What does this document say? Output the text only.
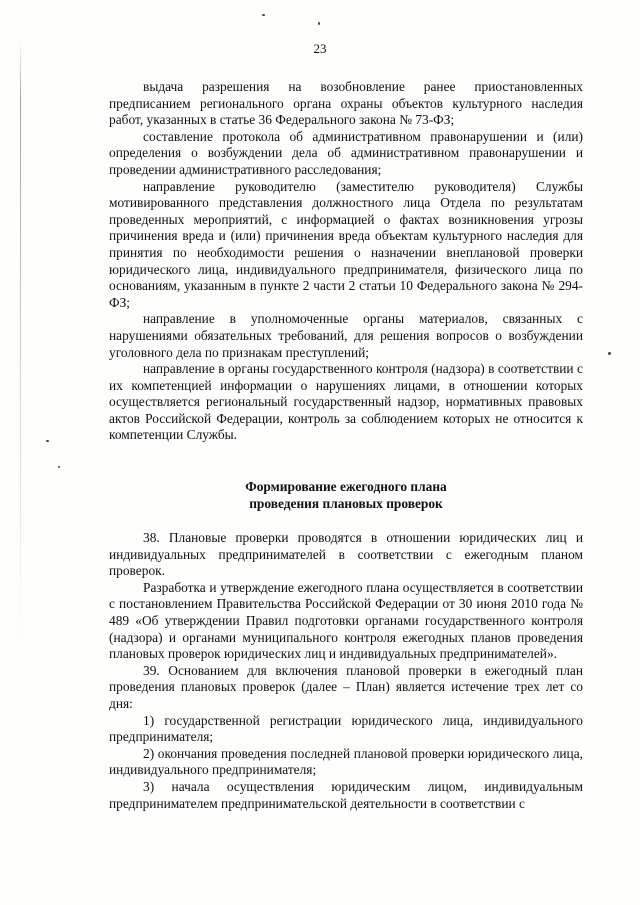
23

выдача разрешения на возобновление ранее приостановленных предписанием регионального органа охраны объектов культурного наследия работ, указанных в статье 36 Федерального закона № 73-ФЗ;

составление протокола об административном правонарушении и (или) определения о возбуждении дела об административном правонарушении и проведении административного расследования;

направление руководителю (заместителю руководителя) Службы мотивированного представления должностного лица Отдела по результатам проведенных мероприятий, с информацией о фактах возникновения угрозы причинения вреда и (или) причинения вреда объектам культурного наследия для принятия по необходимости решения о назначении внеплановой проверки юридического лица, индивидуального предпринимателя, физического лица по основаниям, указанным в пункте 2 части 2 статьи 10 Федерального закона № 294-ФЗ;

направление в уполномоченные органы материалов, связанных с нарушениями обязательных требований, для решения вопросов о возбуждении уголовного дела по признакам преступлений;

направление в органы государственного контроля (надзора) в соответствии с их компетенцией информации о нарушениях лицами, в отношении которых осуществляется региональный государственный надзор, нормативных правовых актов Российской Федерации, контроль за соблюдением которых не относится к компетенции Службы.

Формирование ежегодного плана
проведения плановых проверок

38. Плановые проверки проводятся в отношении юридических лиц и индивидуальных предпринимателей в соответствии с ежегодным планом проверок.

Разработка и утверждение ежегодного плана осуществляется в соответствии с постановлением Правительства Российской Федерации от 30 июня 2010 года № 489 «Об утверждении Правил подготовки органами государственного контроля (надзора) и органами муниципального контроля ежегодных планов проведения плановых проверок юридических лиц и индивидуальных предпринимателей».

39. Основанием для включения плановой проверки в ежегодный план проведения плановых проверок (далее – План) является истечение трех лет со дня:

1) государственной регистрации юридического лица, индивидуального предпринимателя;

2) окончания проведения последней плановой проверки юридического лица, индивидуального предпринимателя;

3) начала осуществления юридическим лицом, индивидуальным предпринимателем предпринимательской деятельности в соответствии с
